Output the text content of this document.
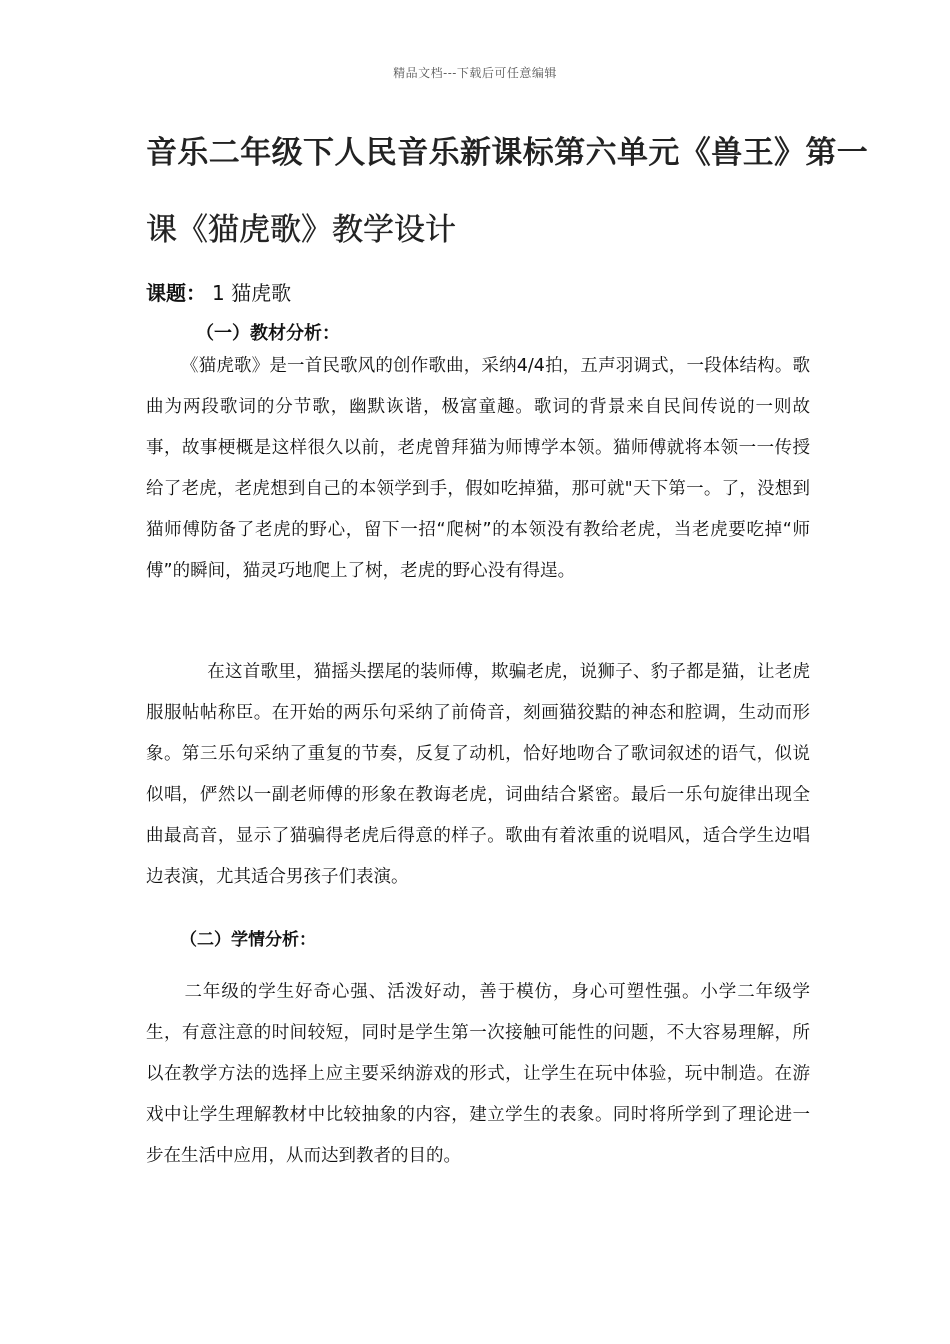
精品文档---下载后可任意编辑
音乐二年级下人民音乐新课标第六单元《兽王》第一
课《猫虎歌》教学设计
课题： 1 猫虎歌
（一）教材分析：
《猫虎歌》是一首民歌风的创作歌曲，采纳4/4拍，五声羽调式，一段体结构。歌曲为两段歌词的分节歌，幽默诙谐，极富童趣。歌词的背景来自民间传说的一则故事，故事梗概是这样很久以前，老虎曾拜猫为师博学本领。猫师傅就将本领一一传授给了老虎，老虎想到自己的本领学到手，假如吃掉猫，那可就"天下第一。了，没想到猫师傅防备了老虎的野心，留下一招“爬树”的本领没有教给老虎，当老虎要吃掉“师傅”的瞬间，猫灵巧地爬上了树，老虎的野心没有得逞。
在这首歌里，猫摇头摆尾的装师傅，欺骗老虎，说狮子、豹子都是猫，让老虎服服帖帖称臣。在开始的两乐句采纳了前倚音，刻画猫狡黠的神态和腔调，生动而形象。第三乐句采纳了重复的节奏，反复了动机，恰好地吻合了歌词叙述的语气，似说似唱，俨然以一副老师傅的形象在教诲老虎，词曲结合紧密。最后一乐句旋律出现全曲最高音，显示了猫骗得老虎后得意的样子。歌曲有着浓重的说唱风，适合学生边唱边表演，尤其适合男孩子们表演。
（二）学情分析：
二年级的学生好奇心强、活泼好动，善于模仿，身心可塑性强。小学二年级学生，有意注意的时间较短，同时是学生第一次接触可能性的问题，不大容易理解，所以在教学方法的选择上应主要采纳游戏的形式，让学生在玩中体验，玩中制造。在游戏中让学生理解教材中比较抽象的内容，建立学生的表象。同时将所学到了理论进一步在生活中应用，从而达到教者的目的。
